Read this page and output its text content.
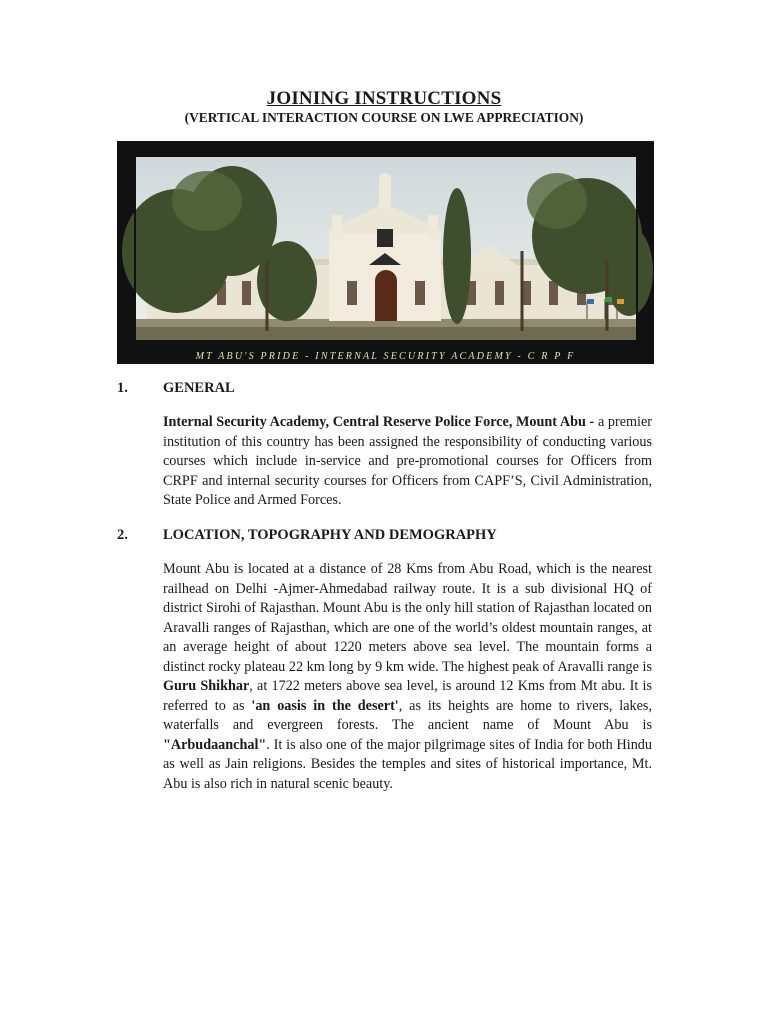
JOINING INSTRUCTIONS
(VERTICAL INTERACTION COURSE ON LWE APPRECIATION)
MT ABU'S PRIDE - INTERNAL SECURITY ACADEMY - C R P F
1. GENERAL
Internal Security Academy, Central Reserve Police Force, Mount Abu - a premier institution of this country has been assigned the responsibility of conducting various courses which include in-service and pre-promotional courses for Officers from CRPF and internal security courses for Officers from CAPF’S, Civil Administration, State Police and Armed Forces.
2. LOCATION, TOPOGRAPHY AND DEMOGRAPHY
Mount Abu is located at a distance of 28 Kms from Abu Road, which is the nearest railhead on Delhi -Ajmer-Ahmedabad railway route. It is a sub divisional HQ of district Sirohi of Rajasthan. Mount Abu is the only hill station of Rajasthan located on Aravalli ranges of Rajasthan, which are one of the world’s oldest mountain ranges, at an average height of about 1220 meters above sea level. The mountain forms a distinct rocky plateau 22 km long by 9 km wide. The highest peak of Aravalli range is Guru Shikhar, at 1722 meters above sea level, is around 12 Kms from Mt abu. It is referred to as 'an oasis in the desert', as its heights are home to rivers, lakes, waterfalls and evergreen forests. The ancient name of Mount Abu is "Arbudaanchal". It is also one of the major pilgrimage sites of India for both Hindu as well as Jain religions. Besides the temples and sites of historical importance, Mt. Abu is also rich in natural scenic beauty.
